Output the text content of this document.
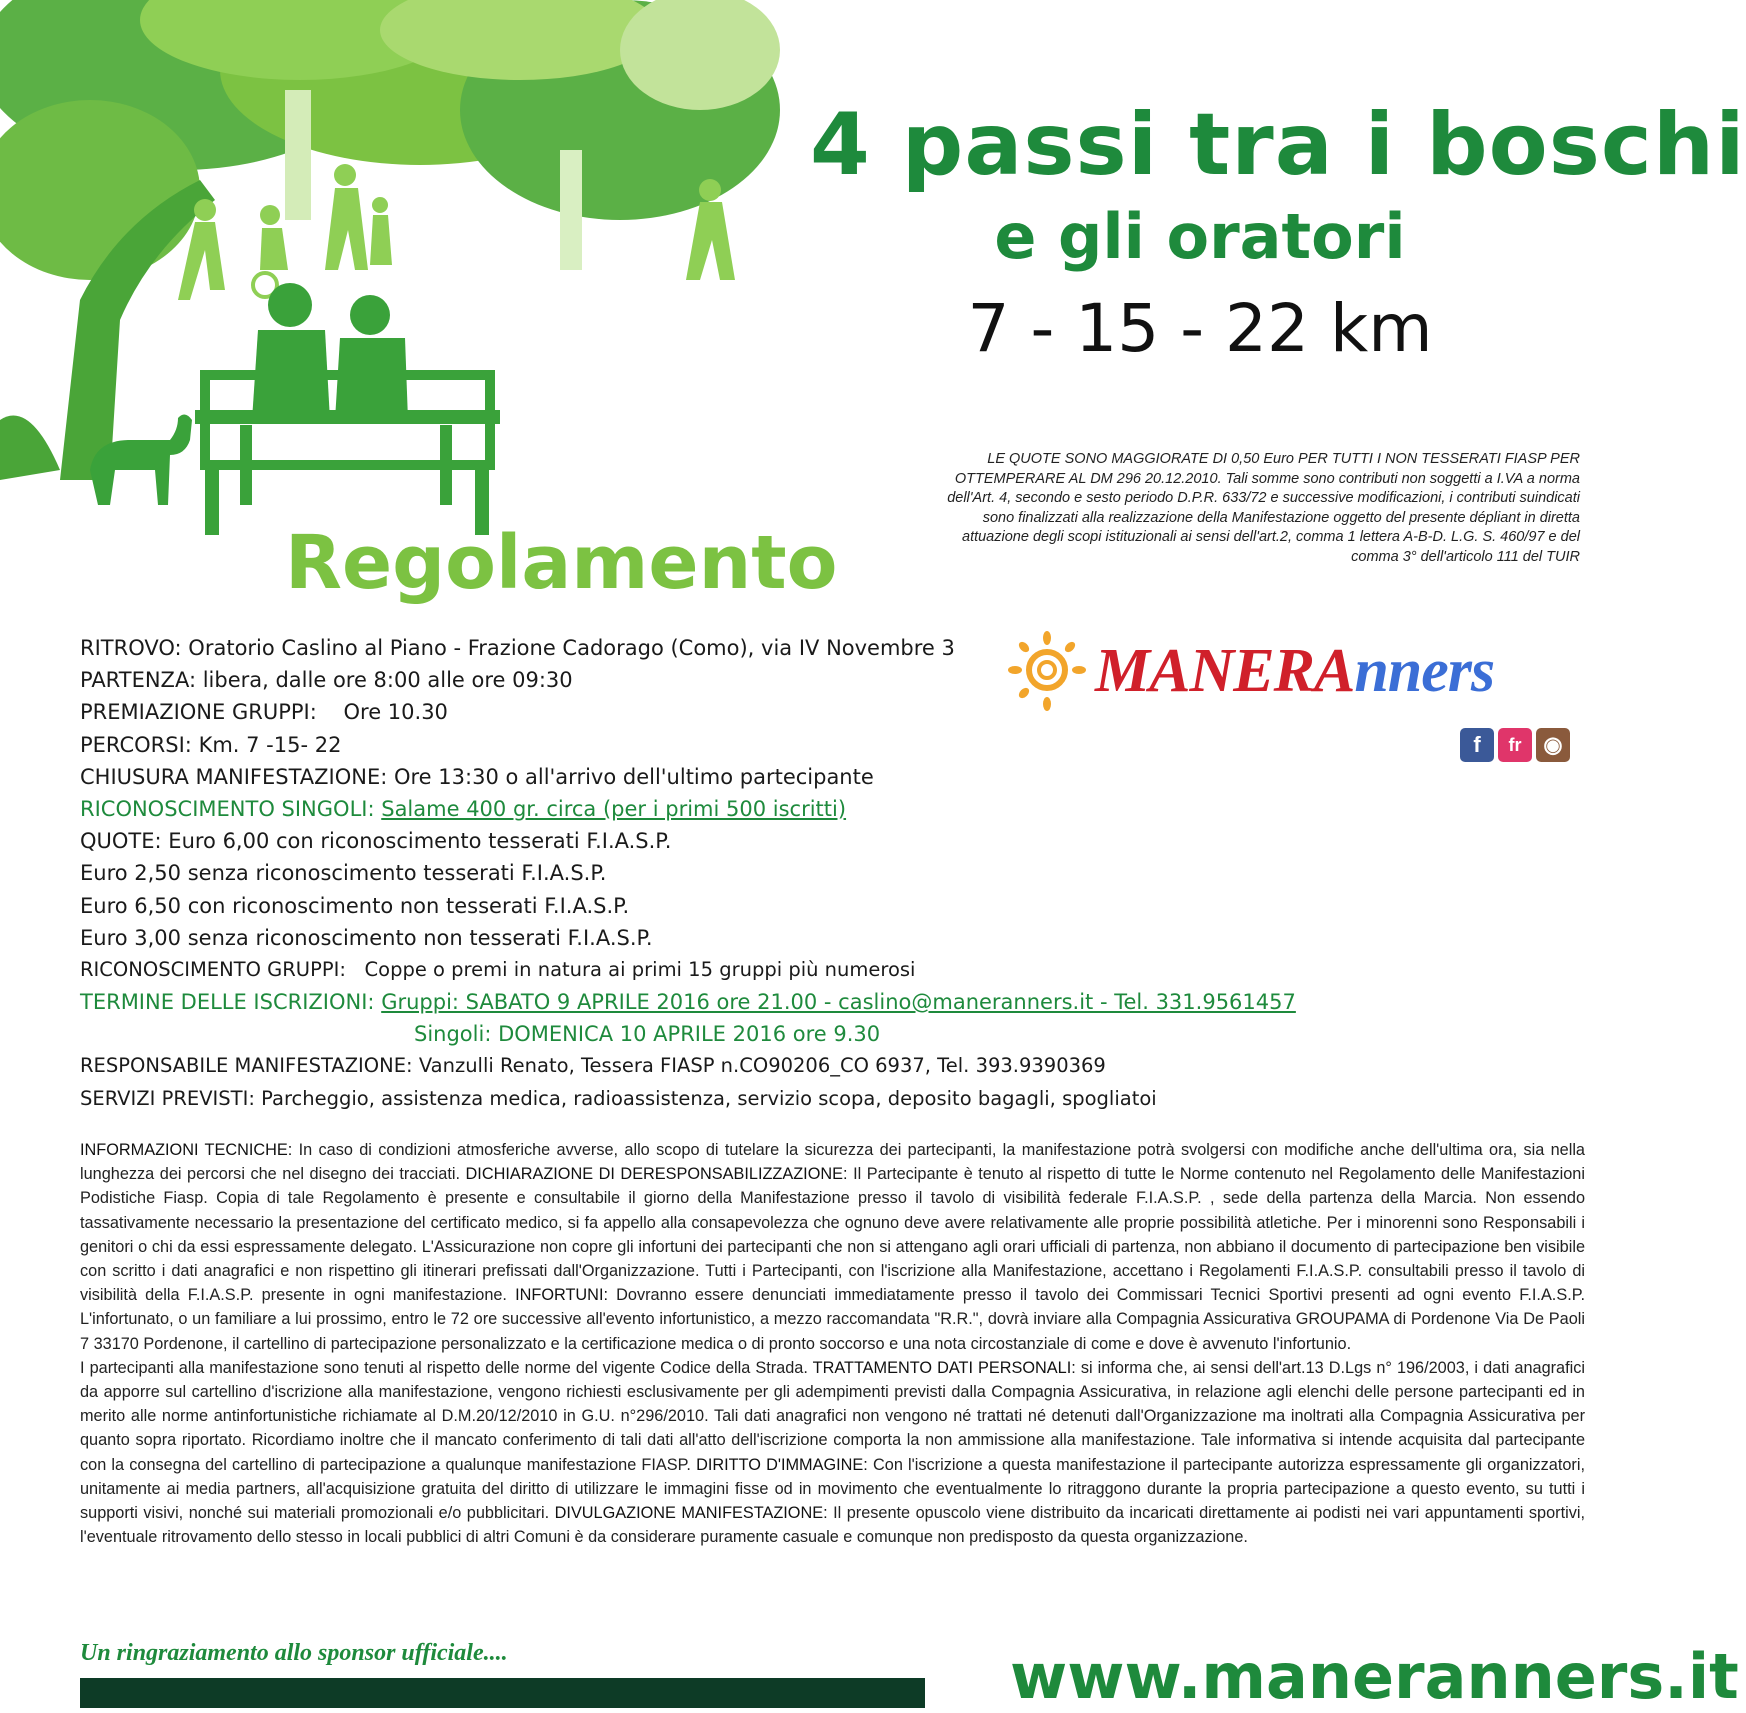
4 passi tra i boschi
e gli oratori
7 - 15 - 22 km
LE QUOTE SONO MAGGIORATE DI 0,50 Euro PER TUTTI I NON TESSERATI FIASP PER OTTEMPERARE AL DM 296 20.12.2010. Tali somme sono contributi non soggetti a I.VA a norma dell'Art. 4, secondo e sesto periodo D.P.R. 633/72 e successive modificazioni, i contributi suindicati sono finalizzati alla realizzazione della Manifestazione oggetto del presente dépliant in diretta attuazione degli scopi istituzionali ai sensi dell'art.2, comma 1 lettera A-B-D. L.G. S. 460/97 e del comma 3° dell'articolo 111 del TUIR
Regolamento
MANERAnners
f	fr ◉
RITROVO: Oratorio Caslino al Piano - Frazione Cadorago (Como), via IV Novembre 3
PARTENZA: libera, dalle ore 8:00 alle ore 09:30
PREMIAZIONE GRUPPI: Ore 10.30
PERCORSI: Km. 7 -15- 22
CHIUSURA MANIFESTAZIONE: Ore 13:30 o all'arrivo dell'ultimo partecipante
RICONOSCIMENTO SINGOLI: Salame 400 gr. circa (per i primi 500 iscritti)
QUOTE: Euro 6,00 con riconoscimento tesserati F.I.A.S.P.
Euro 2,50 senza riconoscimento tesserati F.I.A.S.P.
Euro 6,50 con riconoscimento non tesserati F.I.A.S.P.
Euro 3,00 senza riconoscimento non tesserati F.I.A.S.P.
RICONOSCIMENTO GRUPPI: Coppe o premi in natura ai primi 15 gruppi più numerosi
TERMINE DELLE ISCRIZIONI: Gruppi: SABATO 9 APRILE 2016 ore 21.00 - caslino@maneranners.it - Tel. 331.9561457
Singoli: DOMENICA 10 APRILE 2016 ore 9.30
RESPONSABILE MANIFESTAZIONE: Vanzulli Renato, Tessera FIASP n.CO90206_CO 6937, Tel. 393.9390369
SERVIZI PREVISTI: Parcheggio, assistenza medica, radioassistenza, servizio scopa, deposito bagagli, spogliatoi
INFORMAZIONI TECNICHE: In caso di condizioni atmosferiche avverse, allo scopo di tutelare la sicurezza dei partecipanti, la manifestazione potrà svolgersi con modifiche anche dell'ultima ora, sia nella lunghezza dei percorsi che nel disegno dei tracciati. DICHIARAZIONE DI DERESPONSABILIZZAZIONE: Il Partecipante è tenuto al rispetto di tutte le Norme contenuto nel Regolamento delle Manifestazioni Podistiche Fiasp. Copia di tale Regolamento è presente e consultabile il giorno della Manifestazione presso il tavolo di visibilità federale F.I.A.S.P. , sede della partenza della Marcia. Non essendo tassativamente necessario la presentazione del certificato medico, si fa appello alla consapevolezza che ognuno deve avere relativamente alle proprie possibilità atletiche. Per i minorenni sono Responsabili i genitori o chi da essi espressamente delegato. L'Assicurazione non copre gli infortuni dei partecipanti che non si attengano agli orari ufficiali di partenza, non abbiano il documento di partecipazione ben visibile con scritto i dati anagrafici e non rispettino gli itinerari prefissati dall'Organizzazione. Tutti i Partecipanti, con l'iscrizione alla Manifestazione, accettano i Regolamenti F.I.A.S.P. consultabili presso il tavolo di visibilità della F.I.A.S.P. presente in ogni manifestazione. INFORTUNI: Dovranno essere denunciati immediatamente presso il tavolo dei Commissari Tecnici Sportivi presenti ad ogni evento F.I.A.S.P. L'infortunato, o un familiare a lui prossimo, entro le 72 ore successive all'evento infortunistico, a mezzo raccomandata "R.R.", dovrà inviare alla Compagnia Assicurativa GROUPAMA di Pordenone Via De Paoli 7 33170 Pordenone, il cartellino di partecipazione personalizzato e la certificazione medica o di pronto soccorso e una nota circostanziale di come e dove è avvenuto l'infortunio.
I partecipanti alla manifestazione sono tenuti al rispetto delle norme del vigente Codice della Strada. TRATTAMENTO DATI PERSONALI: si informa che, ai sensi dell'art.13 D.Lgs n° 196/2003, i dati anagrafici da apporre sul cartellino d'iscrizione alla manifestazione, vengono richiesti esclusivamente per gli adempimenti previsti dalla Compagnia Assicurativa, in relazione agli elenchi delle persone partecipanti ed in merito alle norme antinfortunistiche richiamate al D.M.20/12/2010 in G.U. n°296/2010. Tali dati anagrafici non vengono né trattati né detenuti dall'Organizzazione ma inoltrati alla Compagnia Assicurativa per quanto sopra riportato. Ricordiamo inoltre che il mancato conferimento di tali dati all'atto dell'iscrizione comporta la non ammissione alla manifestazione. Tale informativa si intende acquisita dal partecipante con la consegna del cartellino di partecipazione a qualunque manifestazione FIASP. DIRITTO D'IMMAGINE: Con l'iscrizione a questa manifestazione il partecipante autorizza espressamente gli organizzatori, unitamente ai media partners, all'acquisizione gratuita del diritto di utilizzare le immagini fisse od in movimento che eventualmente lo ritraggono durante la propria partecipazione a questo evento, su tutti i supporti visivi, nonché sui materiali promozionali e/o pubblicitari. DIVULGAZIONE MANIFESTAZIONE: Il presente opuscolo viene distribuito da incaricati direttamente ai podisti nei vari appuntamenti sportivi, l'eventuale ritrovamento dello stesso in locali pubblici di altri Comuni è da considerare puramente casuale e comunque non predisposto da questa organizzazione.
Un ringraziamento allo sponsor ufficiale....	www.maneranners.it
